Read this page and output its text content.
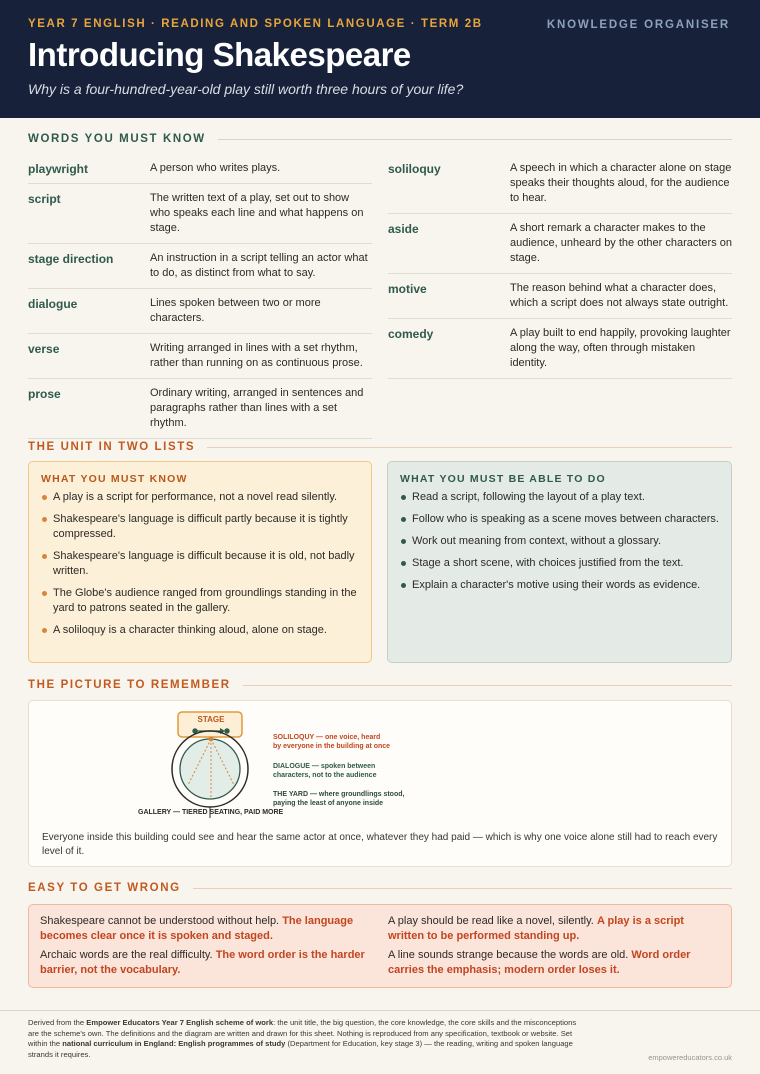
YEAR 7 ENGLISH · READING AND SPOKEN LANGUAGE · TERM 2B
Introducing Shakespeare
Why is a four-hundred-year-old play still worth three hours of your life?
KNOWLEDGE ORGANISER
WORDS YOU MUST KNOW
playwright	A person who writes plays.
script	The written text of a play, set out to show who speaks each line and what happens on stage.
stage direction	An instruction in a script telling an actor what to do, as distinct from what to say.
dialogue	Lines spoken between two or more characters.
verse	Writing arranged in lines with a set rhythm, rather than running on as continuous prose.
prose	Ordinary writing, arranged in sentences and paragraphs rather than lines with a set rhythm.
soliloquy	A speech in which a character alone on stage speaks their thoughts aloud, for the audience to hear.
aside	A short remark a character makes to the audience, unheard by the other characters on stage.
motive	The reason behind what a character does, which a script does not always state outright.
comedy	A play built to end happily, provoking laughter along the way, often through mistaken identity.
THE UNIT IN TWO LISTS
WHAT YOU MUST KNOW
A play is a script for performance, not a novel read silently.
Shakespeare's language is difficult partly because it is tightly compressed.
Shakespeare's language is difficult because it is old, not badly written.
The Globe's audience ranged from groundlings standing in the yard to patrons seated in the gallery.
A soliloquy is a character thinking aloud, alone on stage.
WHAT YOU MUST BE ABLE TO DO
Read a script, following the layout of a play text.
Follow who is speaking as a scene moves between characters.
Work out meaning from context, without a glossary.
Stage a short scene, with choices justified from the text.
Explain a character's motive using their words as evidence.
THE PICTURE TO REMEMBER
STAGE
SOLILOQUY — one voice, heard
by everyone in the building at once
DIALOGUE — spoken between
characters, not to the audience
THE YARD — where groundlings stood,
paying the least of anyone inside
GALLERY — TIERED SEATING, PAID MORE
Everyone inside this building could see and hear the same actor at once, whatever they had paid — which is why one voice alone still had to reach every level of it.
EASY TO GET WRONG
Shakespeare cannot be understood without help. The language becomes clear once it is spoken and staged.
A play should be read like a novel, silently. A play is a script written to be performed standing up.
Archaic words are the real difficulty. The word order is the harder barrier, not the vocabulary.
A line sounds strange because the words are old. Word order carries the emphasis; modern order loses it.
Derived from the Empower Educators Year 7 English scheme of work: the unit title, the big question, the core knowledge, the core skills and the misconceptions are the scheme's own. The definitions and the diagram are written and drawn for this sheet. Nothing is reproduced from any specification, textbook or website. Set within the national curriculum in England: English programmes of study (Department for Education, key stage 3) — the reading, writing and spoken language strands it requires.	empowereducators.co.uk
